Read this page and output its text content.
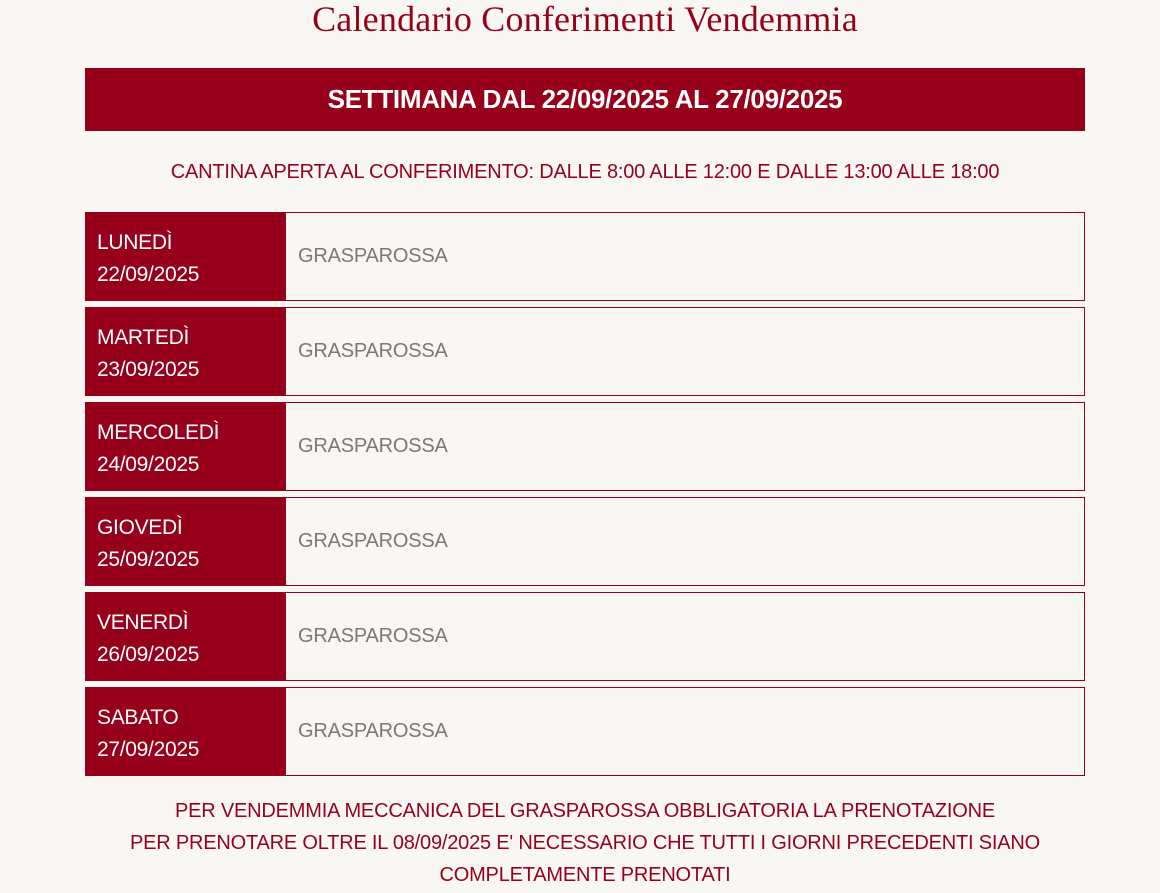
Calendario Conferimenti Vendemmia
SETTIMANA DAL 22/09/2025 AL 27/09/2025
CANTINA APERTA AL CONFERIMENTO: DALLE 8:00 ALLE 12:00 E DALLE 13:00 ALLE 18:00
LUNEDÌ
22/09/2025
GRASPAROSSA
MARTEDÌ
23/09/2025
GRASPAROSSA
MERCOLEDÌ
24/09/2025
GRASPAROSSA
GIOVEDÌ
25/09/2025
GRASPAROSSA
VENERDÌ
26/09/2025
GRASPAROSSA
SABATO
27/09/2025
GRASPAROSSA
PER VENDEMMIA MECCANICA DEL GRASPAROSSA OBBLIGATORIA LA PRENOTAZIONE
PER PRENOTARE OLTRE IL 08/09/2025 E' NECESSARIO CHE TUTTI I GIORNI PRECEDENTI SIANO
COMPLETAMENTE PRENOTATI
